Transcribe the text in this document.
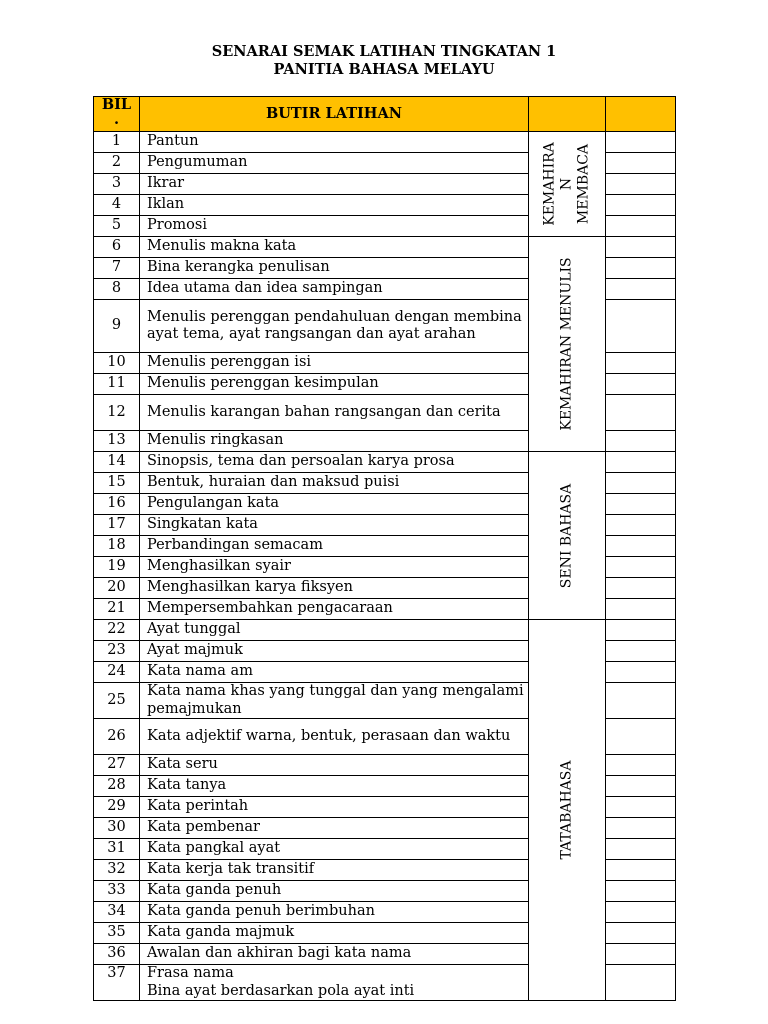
SENARAI SEMAK LATIHAN TINGKATAN 1
PANITIA BAHASA MELAYU
BIL
.	BUTIR LATIHAN		
1	Pantun	KEMAHIRA N MEMBACA	

2	Pengumuman		
3	Ikrar		
4	Iklan		
5	Promosi		
6	Menulis makna kata	KEMAHIRAN MENULIS	

7	Bina kerangka penulisan		
8	Idea utama dan idea sampingan		
9	Menulis perenggan pendahuluan dengan membina ayat tema, ayat rangsangan dan ayat arahan		
10	Menulis perenggan isi		
11	Menulis perenggan kesimpulan		
12	Menulis karangan bahan rangsangan dan cerita		
13	Menulis ringkasan		
14	Sinopsis, tema dan persoalan karya prosa	SENI BAHASA	

15	Bentuk, huraian dan maksud puisi		
16	Pengulangan kata		
17	Singkatan kata		
18	Perbandingan semacam		
19	Menghasilkan syair		
20	Menghasilkan karya fiksyen		
21	Mempersembahkan pengacaraan		
22	Ayat tunggal	TATABAHASA	

23	Ayat majmuk		
24	Kata nama am		
25	Kata nama khas yang tunggal dan yang mengalami pemajmukan		
26	Kata adjektif warna, bentuk, perasaan dan waktu		
27	Kata seru		
28	Kata tanya		
29	Kata perintah		
30	Kata pembenar		
31	Kata pangkal ayat		
32	Kata kerja tak transitif		
33	Kata ganda penuh		
34	Kata ganda penuh berimbuhan		
35	Kata ganda majmuk		
36	Awalan dan akhiran bagi kata nama		
37	Frasa nama
Bina ayat berdasarkan pola ayat inti		
